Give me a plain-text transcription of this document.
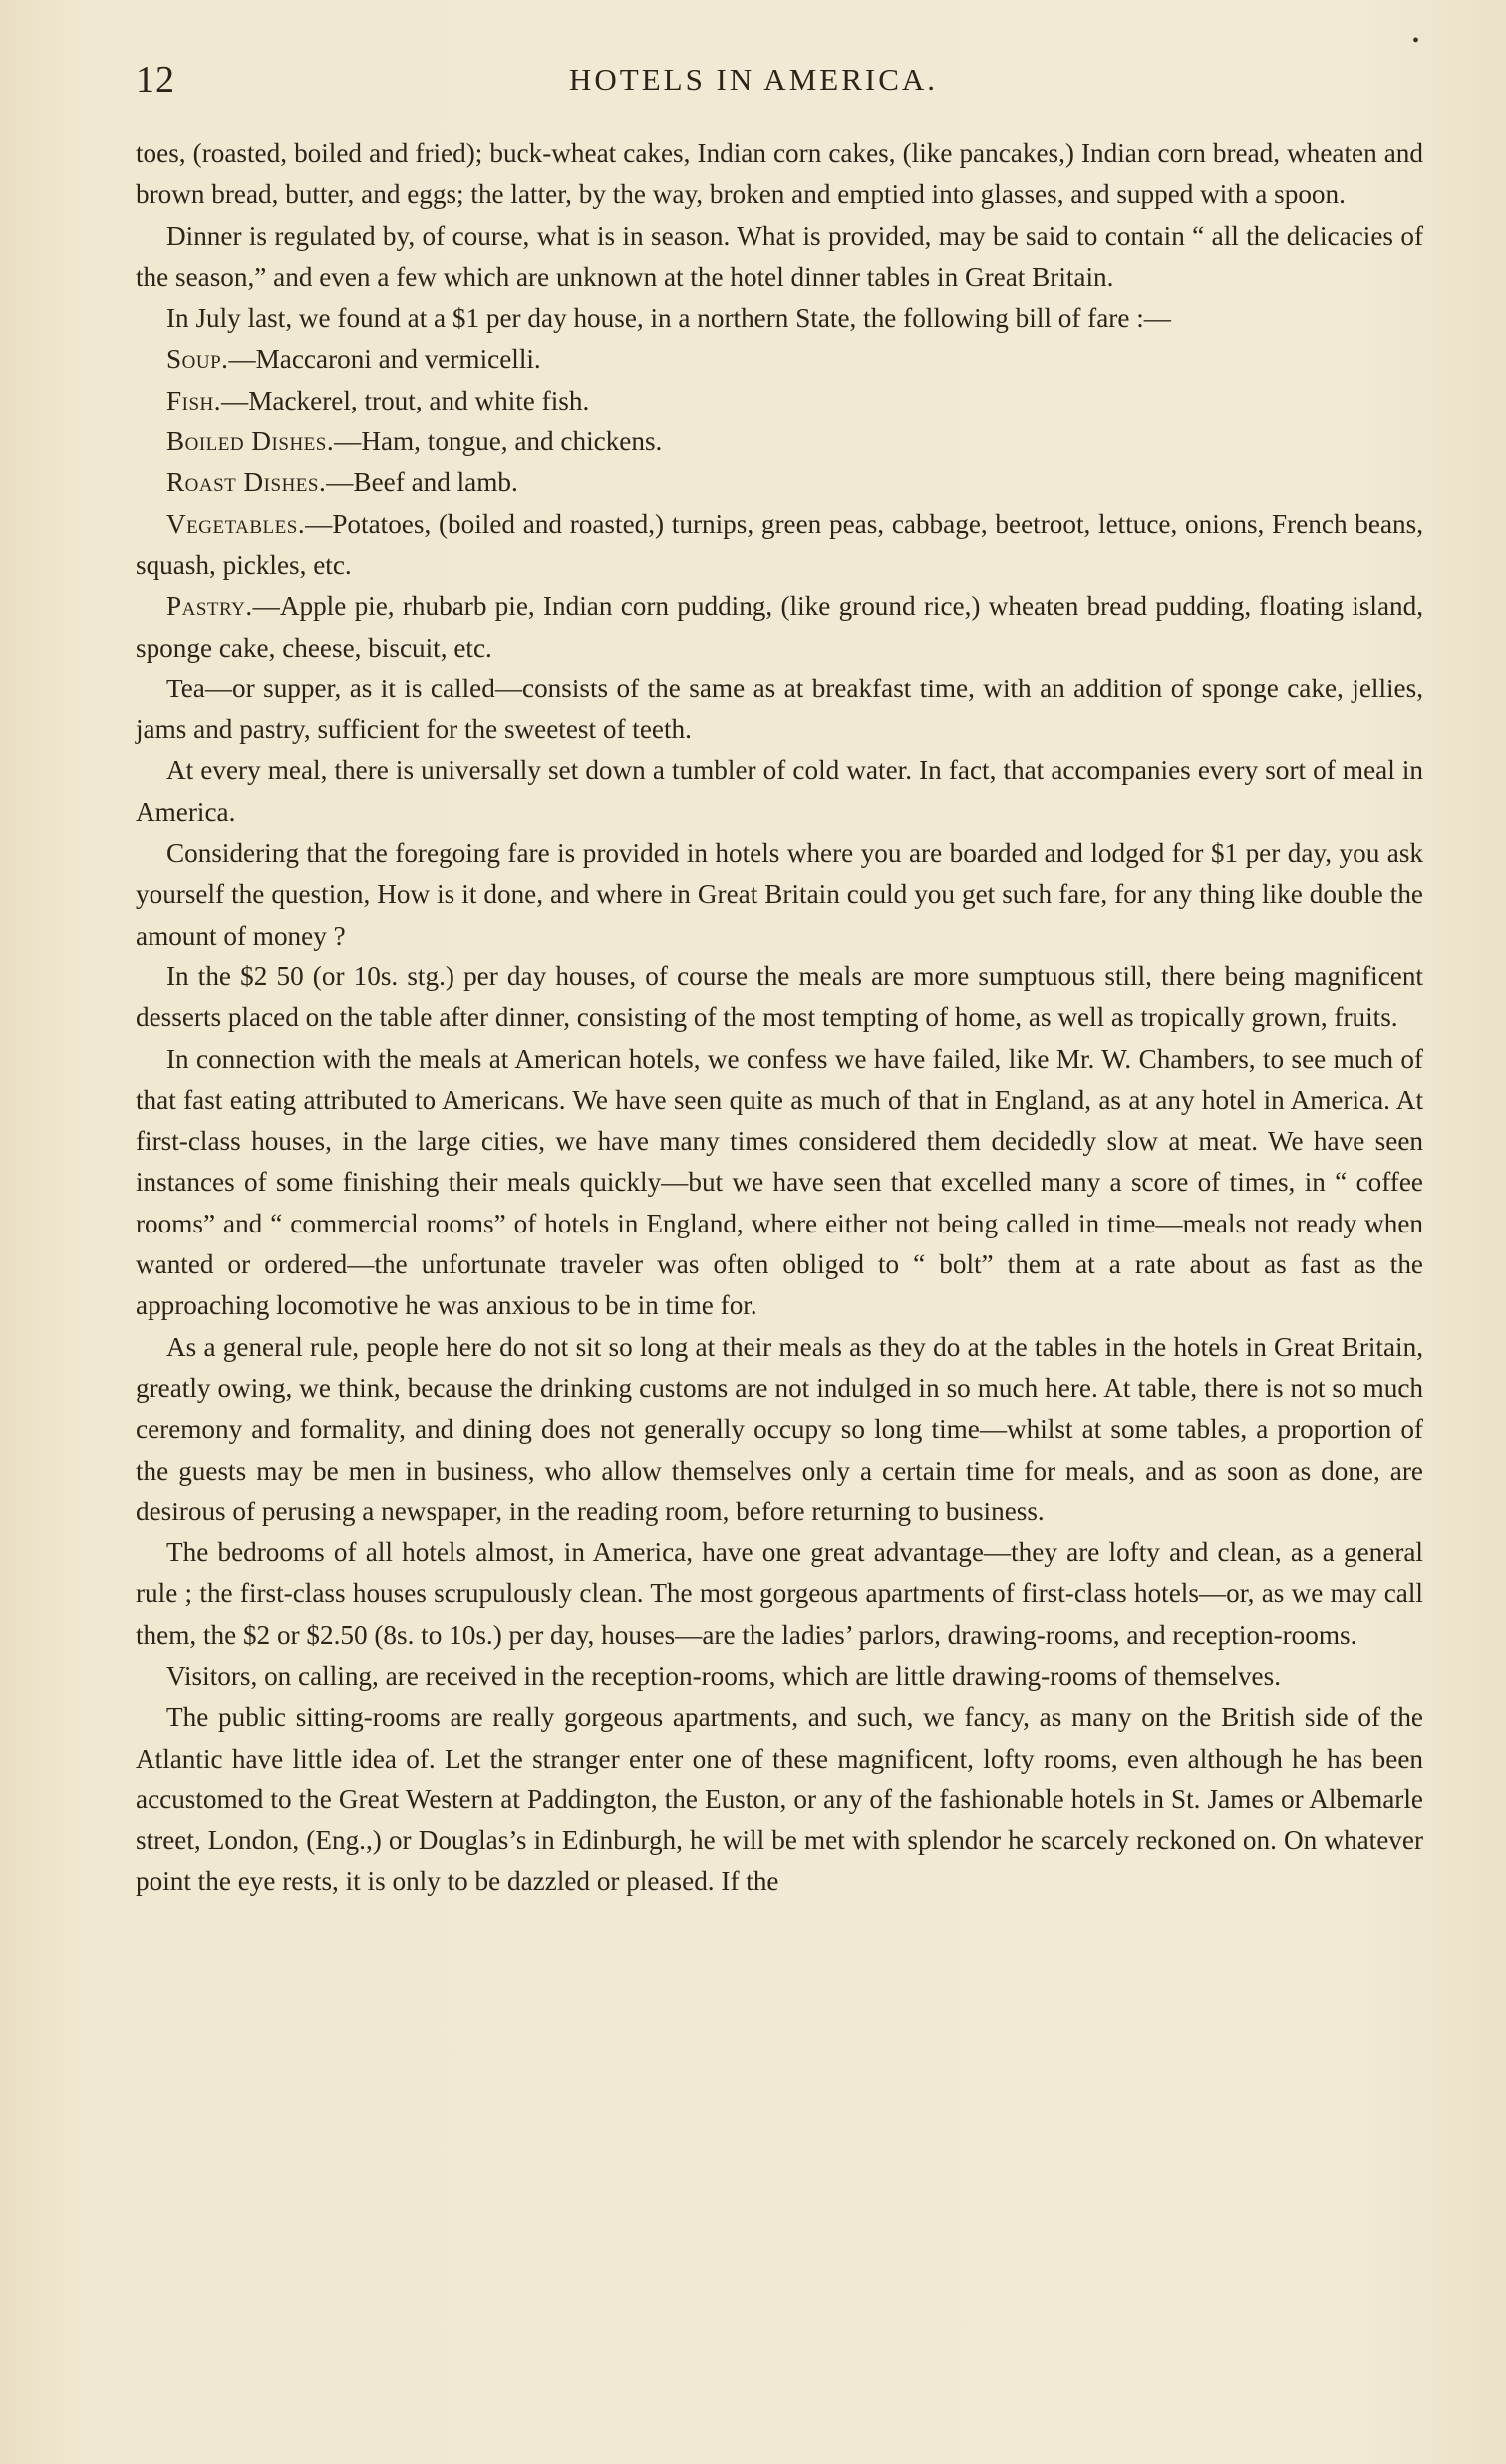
12	HOTELS IN AMERICA.
•

toes, (roasted, boiled and fried); buck-wheat cakes, Indian corn cakes, (like pancakes,) Indian corn bread, wheaten and brown bread, butter, and eggs; the latter, by the way, broken and emptied into glasses, and supped with a spoon.

Dinner is regulated by, of course, what is in season. What is provided, may be said to contain “ all the delicacies of the season,” and even a few which are unknown at the hotel dinner tables in Great Britain.

In July last, we found at a $1 per day house, in a northern State, the following bill of fare :—

Soup.—Maccaroni and vermicelli.

Fish.—Mackerel, trout, and white fish.

Boiled Dishes.—Ham, tongue, and chickens.

Roast Dishes.—Beef and lamb.

Vegetables.—Potatoes, (boiled and roasted,) turnips, green peas, cabbage, beetroot, lettuce, onions, French beans, squash, pickles, etc.

Pastry.—Apple pie, rhubarb pie, Indian corn pudding, (like ground rice,) wheaten bread pudding, floating island, sponge cake, cheese, biscuit, etc.

Tea—or supper, as it is called—consists of the same as at breakfast time, with an addition of sponge cake, jellies, jams and pastry, sufficient for the sweetest of teeth.

At every meal, there is universally set down a tumbler of cold water. In fact, that accompanies every sort of meal in America.

Considering that the foregoing fare is provided in hotels where you are boarded and lodged for $1 per day, you ask yourself the question, How is it done, and where in Great Britain could you get such fare, for any thing like double the amount of money ?

In the $2 50 (or 10s. stg.) per day houses, of course the meals are more sumptuous still, there being magnificent desserts placed on the table after dinner, consisting of the most tempting of home, as well as tropically grown, fruits.

In connection with the meals at American hotels, we confess we have failed, like Mr. W. Chambers, to see much of that fast eating attributed to Americans. We have seen quite as much of that in England, as at any hotel in America. At first-class houses, in the large cities, we have many times considered them decidedly slow at meat. We have seen instances of some finishing their meals quickly—but we have seen that excelled many a score of times, in “ coffee rooms” and “ commercial rooms” of hotels in England, where either not being called in time—meals not ready when wanted or ordered—the unfortunate traveler was often obliged to “ bolt” them at a rate about as fast as the approaching locomotive he was anxious to be in time for.

As a general rule, people here do not sit so long at their meals as they do at the tables in the hotels in Great Britain, greatly owing, we think, because the drinking customs are not indulged in so much here. At table, there is not so much ceremony and formality, and dining does not generally occupy so long time—whilst at some tables, a proportion of the guests may be men in business, who allow themselves only a certain time for meals, and as soon as done, are desirous of perusing a newspaper, in the reading room, before returning to business.

The bedrooms of all hotels almost, in America, have one great advantage—they are lofty and clean, as a general rule ; the first-class houses scrupulously clean. The most gorgeous apartments of first-class hotels—or, as we may call them, the $2 or $2.50 (8s. to 10s.) per day, houses—are the ladies’ parlors, drawing-rooms, and reception-rooms.

Visitors, on calling, are received in the reception-rooms, which are little drawing-rooms of themselves.

The public sitting-rooms are really gorgeous apartments, and such, we fancy, as many on the British side of the Atlantic have little idea of. Let the stranger enter one of these magnificent, lofty rooms, even although he has been accustomed to the Great Western at Paddington, the Euston, or any of the fashionable hotels in St. James or Albemarle street, London, (Eng.,) or Douglas’s in Edinburgh, he will be met with splendor he scarcely reckoned on. On whatever point the eye rests, it is only to be dazzled or pleased. If the
